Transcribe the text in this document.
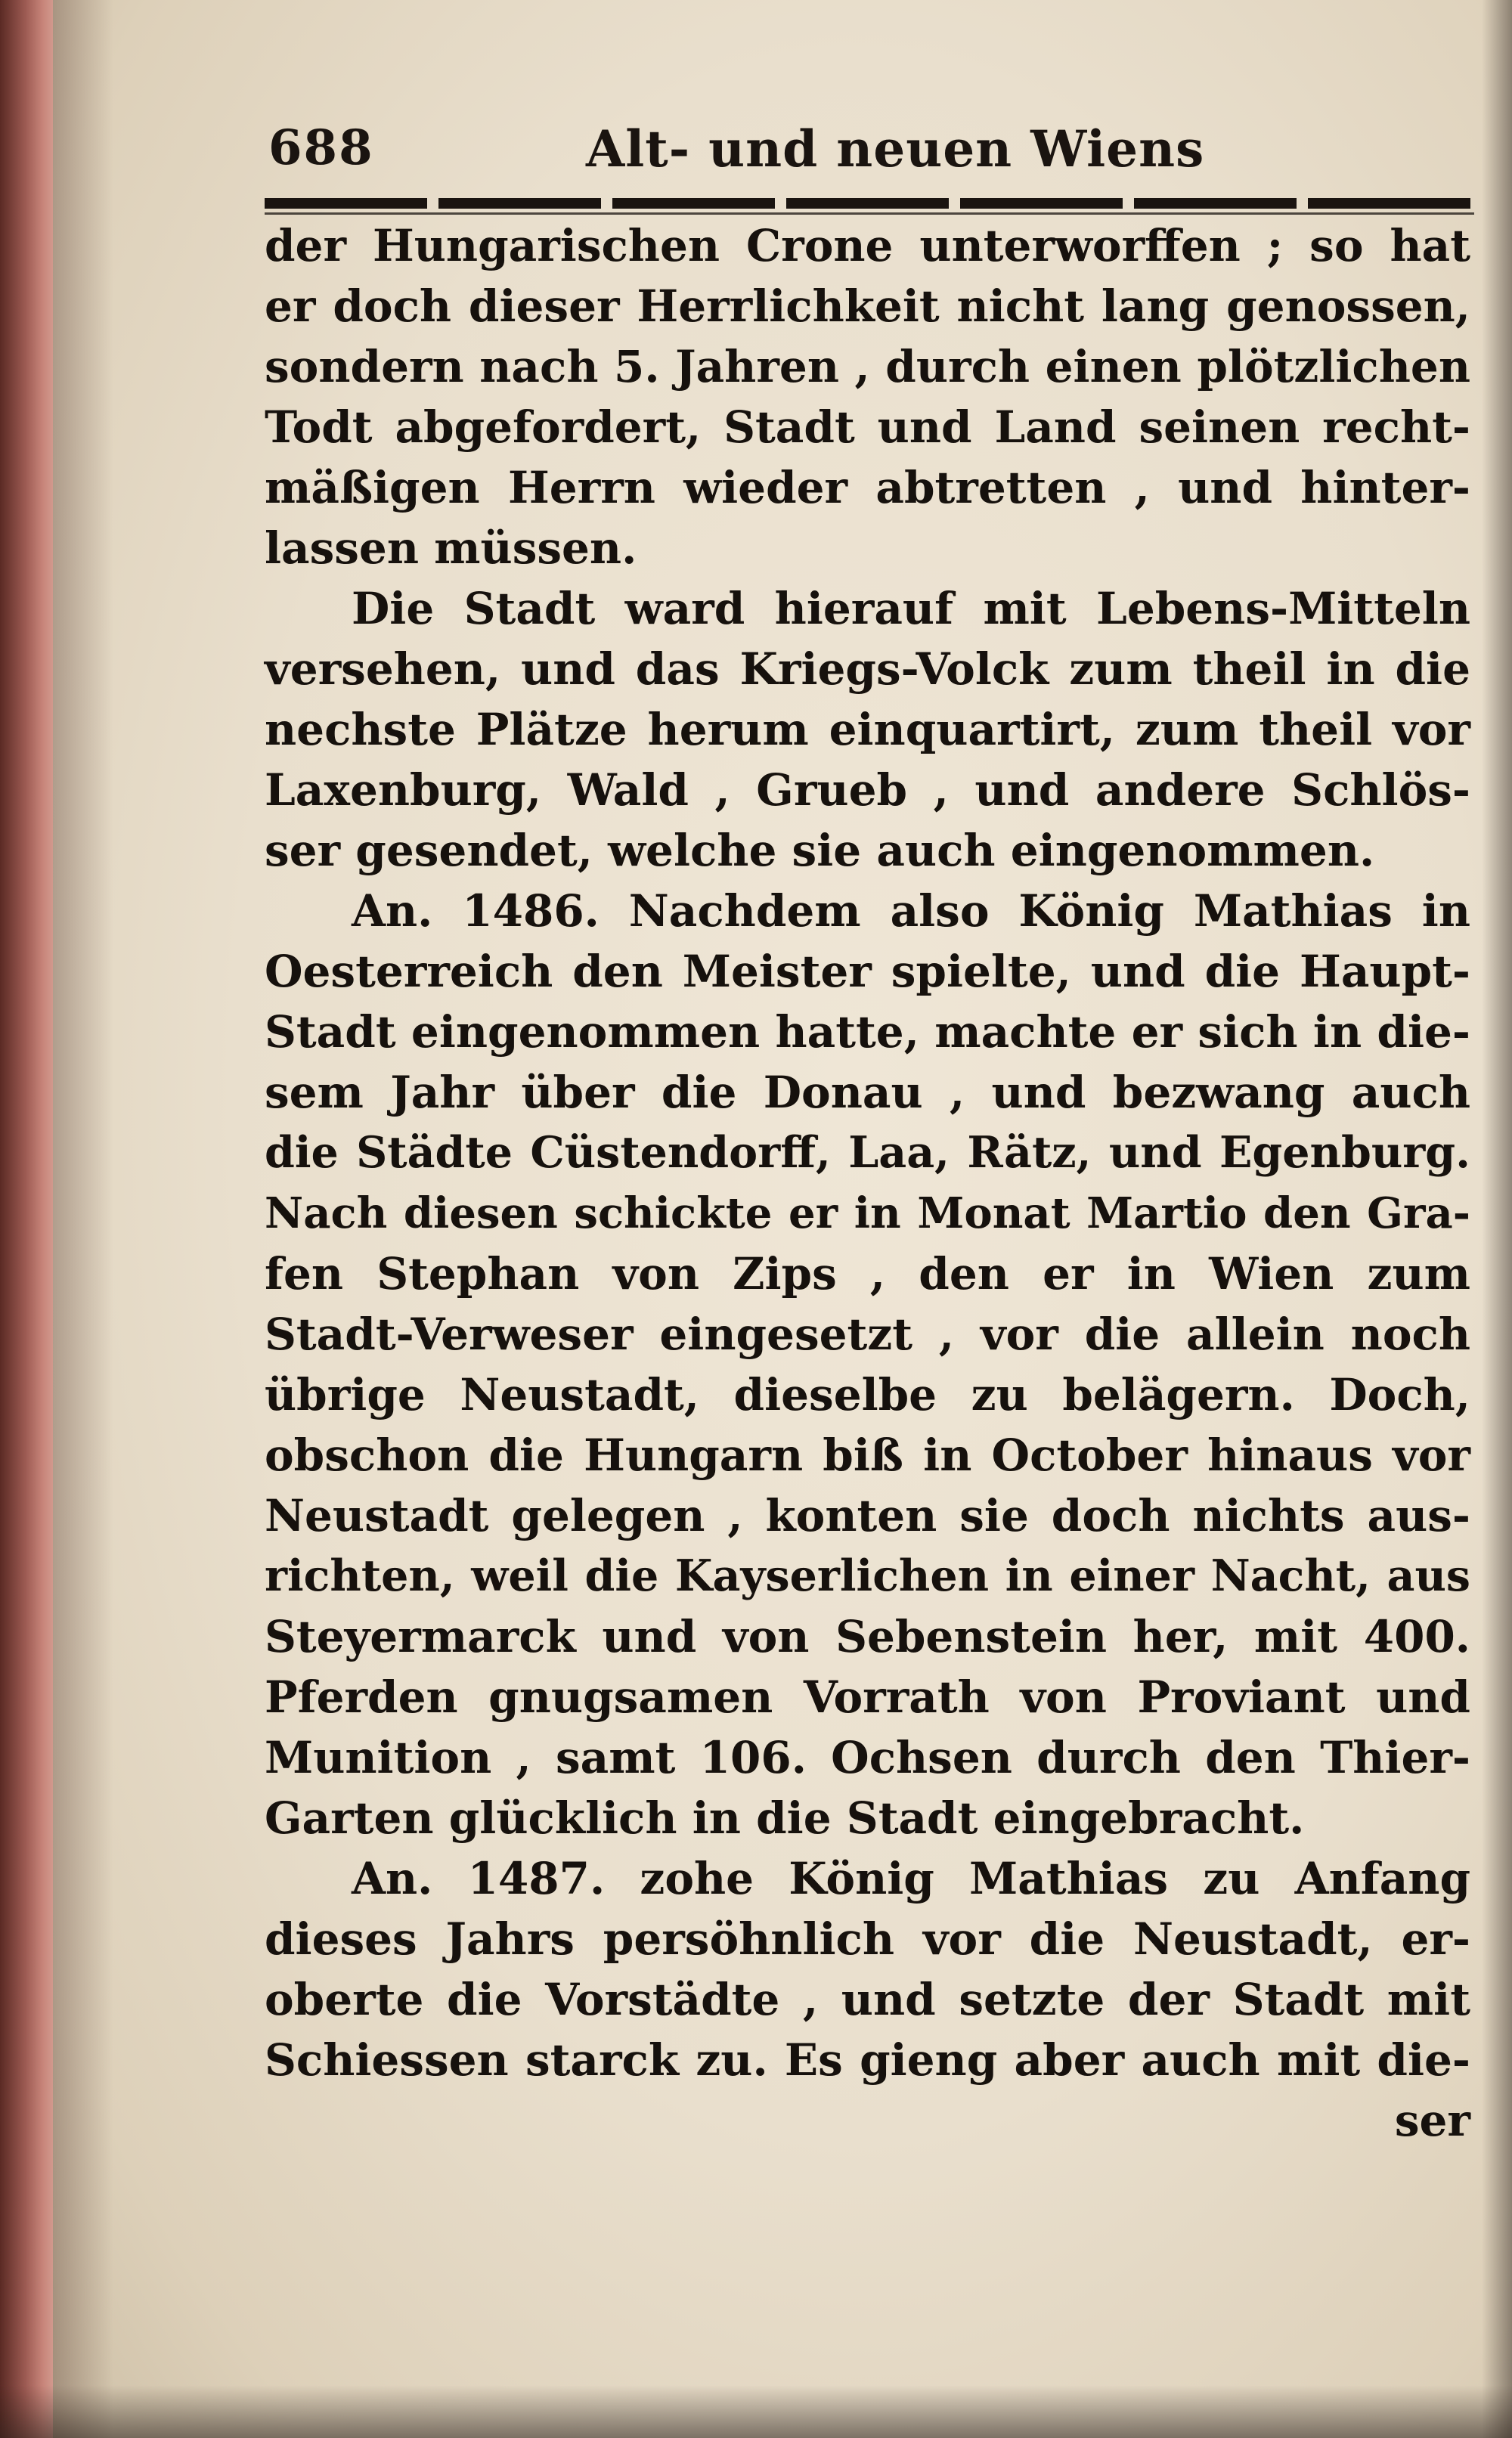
688	Alt- und neuen Wiens
der Hungarischen Crone unterworffen ; so hat
er doch dieser Herrlichkeit nicht lang genossen,
sondern nach 5. Jahren , durch einen plötzlichen
Todt abgefordert, Stadt und Land seinen recht-
mäßigen Herrn wieder abtretten , und hinter-
lassen müssen.
Die Stadt ward hierauf mit Lebens-Mitteln
versehen, und das Kriegs-Volck zum theil in die
nechste Plätze herum einquartirt, zum theil vor
Laxenburg, Wald , Grueb , und andere Schlös-
ser gesendet, welche sie auch eingenommen.
An. 1486. Nachdem also König Mathias in
Oesterreich den Meister spielte, und die Haupt-
Stadt eingenommen hatte, machte er sich in die-
sem Jahr über die Donau , und bezwang auch
die Städte Cüstendorff, Laa, Rätz, und Egenburg.
Nach diesen schickte er in Monat Martio den Gra-
fen Stephan von Zips , den er in Wien zum
Stadt-Verweser eingesetzt , vor die allein noch
übrige Neustadt, dieselbe zu belägern. Doch,
obschon die Hungarn biß in October hinaus vor
Neustadt gelegen , konten sie doch nichts aus-
richten, weil die Kayserlichen in einer Nacht, aus
Steyermarck und von Sebenstein her, mit 400.
Pferden gnugsamen Vorrath von Proviant und
Munition , samt 106. Ochsen durch den Thier-
Garten glücklich in die Stadt eingebracht.
An. 1487. zohe König Mathias zu Anfang
dieses Jahrs persöhnlich vor die Neustadt, er-
oberte die Vorstädte , und setzte der Stadt mit
Schiessen starck zu. Es gieng aber auch mit die-
ser
